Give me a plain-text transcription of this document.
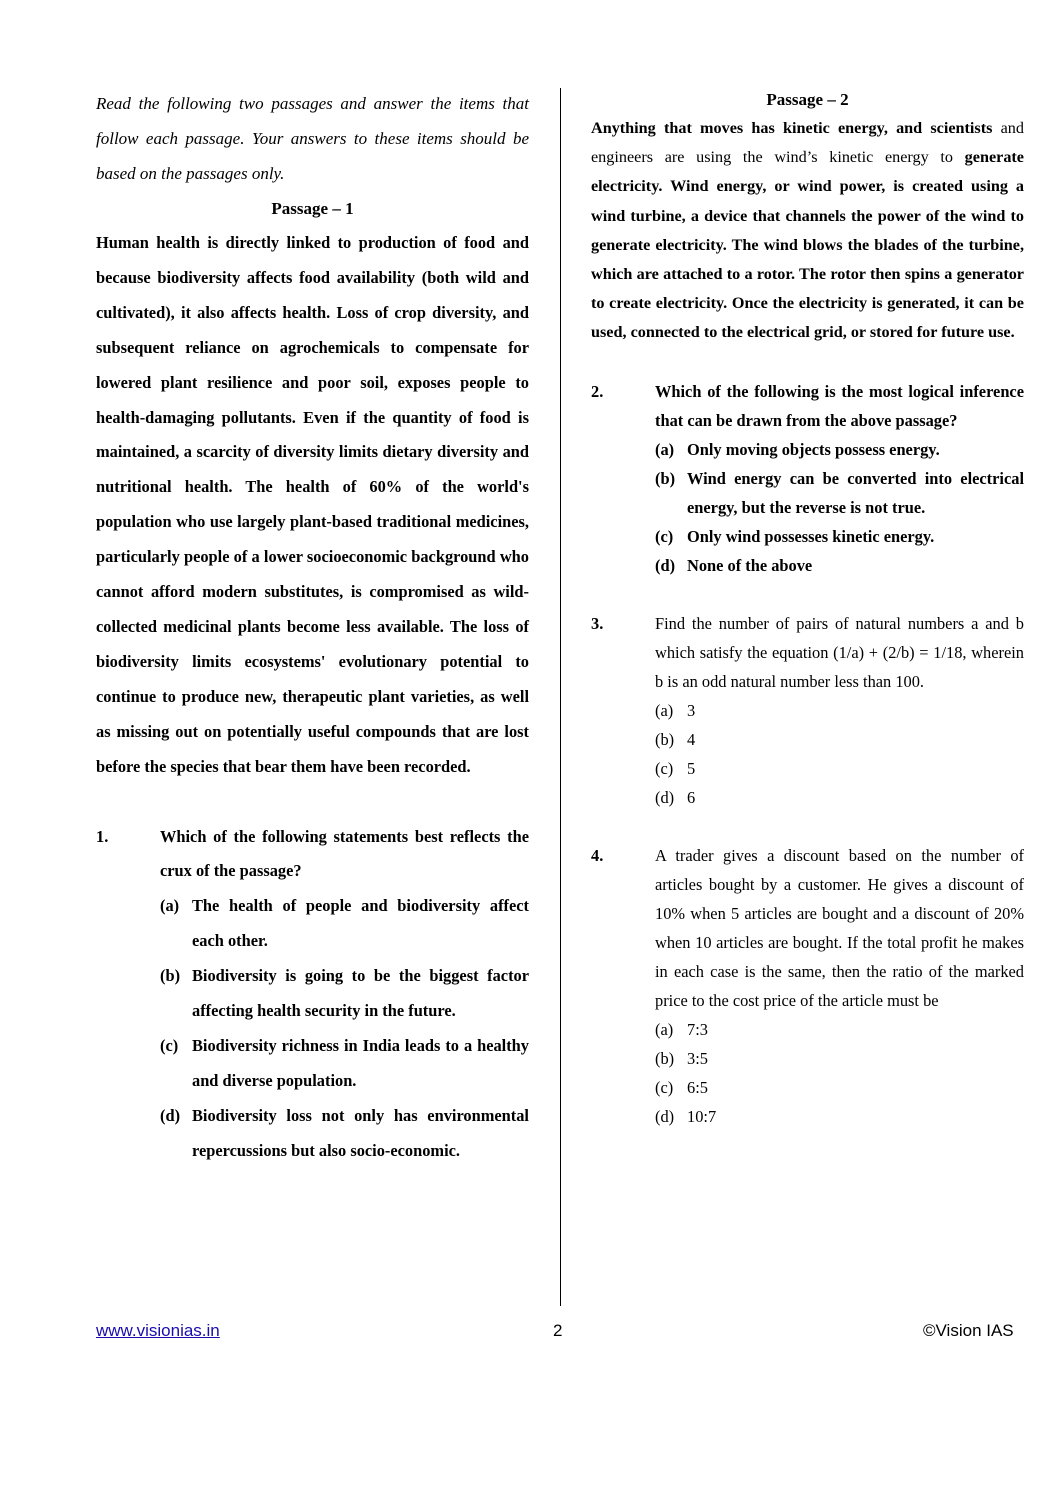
Read the following two passages and answer the items that follow each passage. Your answers to these items should be based on the passages only.

Passage – 1

Human health is directly linked to production of food and because biodiversity affects food availability (both wild and cultivated), it also affects health. Loss of crop diversity, and subsequent reliance on agrochemicals to compensate for lowered plant resilience and poor soil, exposes people to health-damaging pollutants. Even if the quantity of food is maintained, a scarcity of diversity limits dietary diversity and nutritional health. The health of 60% of the world's population who use largely plant-based traditional medicines, particularly people of a lower socioeconomic background who cannot afford modern substitutes, is compromised as wild-collected medicinal plants become less available. The loss of biodiversity limits ecosystems' evolutionary potential to continue to produce new, therapeutic plant varieties, as well as missing out on potentially useful compounds that are lost before the species that bear them have been recorded.

1.	Which of the following statements best reflects the crux of the passage?
(a) The health of people and biodiversity affect each other.
(b) Biodiversity is going to be the biggest factor affecting health security in the future.
(c) Biodiversity richness in India leads to a healthy and diverse population.
(d) Biodiversity loss not only has environmental repercussions but also socio-economic.
Passage – 2

Anything that moves has kinetic energy, and scientists and engineers are using the wind’s kinetic energy to generate electricity. Wind energy, or wind power, is created using a wind turbine, a device that channels the power of the wind to generate electricity. The wind blows the blades of the turbine, which are attached to a rotor. The rotor then spins a generator to create electricity. Once the electricity is generated, it can be used, connected to the electrical grid, or stored for future use.

2.	Which of the following is the most logical inference that can be drawn from the above passage?
(a) Only moving objects possess energy.
(b) Wind energy can be converted into electrical energy, but the reverse is not true.
(c) Only wind possesses kinetic energy.
(d) None of the above
3.	Find the number of pairs of natural numbers a and b which satisfy the equation (1/a) + (2/b) = 1/18, wherein b is an odd natural number less than 100.
(a) 3
(b) 4
(c) 5
(d) 6
4.	A trader gives a discount based on the number of articles bought by a customer. He gives a discount of 10% when 5 articles are bought and a discount of 20% when 10 articles are bought. If the total profit he makes in each case is the same, then the ratio of the marked price to the cost price of the article must be
(a) 7:3
(b) 3:5
(c) 6:5
(d) 10:7
www.visionias.in	2	©Vision IAS
